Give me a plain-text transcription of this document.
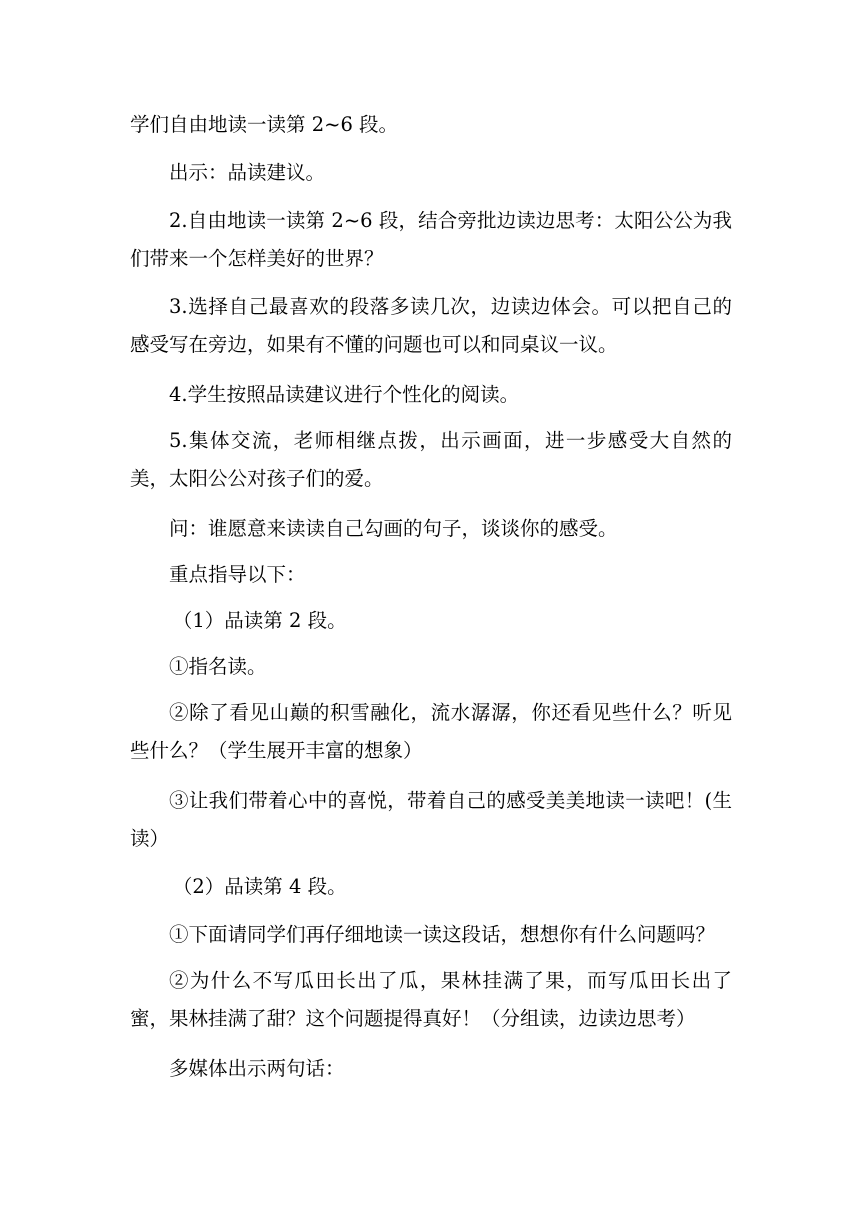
学们自由地读一读第 2~6 段。

出示：品读建议。

2.自由地读一读第 2~6 段，结合旁批边读边思考：太阳公公为我们带来一个怎样美好的世界？

3.选择自己最喜欢的段落多读几次，边读边体会。可以把自己的感受写在旁边，如果有不懂的问题也可以和同桌议一议。

4.学生按照品读建议进行个性化的阅读。

5.集体交流，老师相继点拨，出示画面，进一步感受大自然的美，太阳公公对孩子们的爱。

问：谁愿意来读读自己勾画的句子，谈谈你的感受。

重点指导以下：

（1）品读第 2 段。

①指名读。

②除了看见山巅的积雪融化，流水潺潺，你还看见些什么？听见些什么？（学生展开丰富的想象）

③让我们带着心中的喜悦，带着自己的感受美美地读一读吧！(生读）

（2）品读第 4 段。

①下面请同学们再仔细地读一读这段话，想想你有什么问题吗？

②为什么不写瓜田长出了瓜，果林挂满了果，而写瓜田长出了蜜，果林挂满了甜？这个问题提得真好！（分组读，边读边思考）

多媒体出示两句话：
